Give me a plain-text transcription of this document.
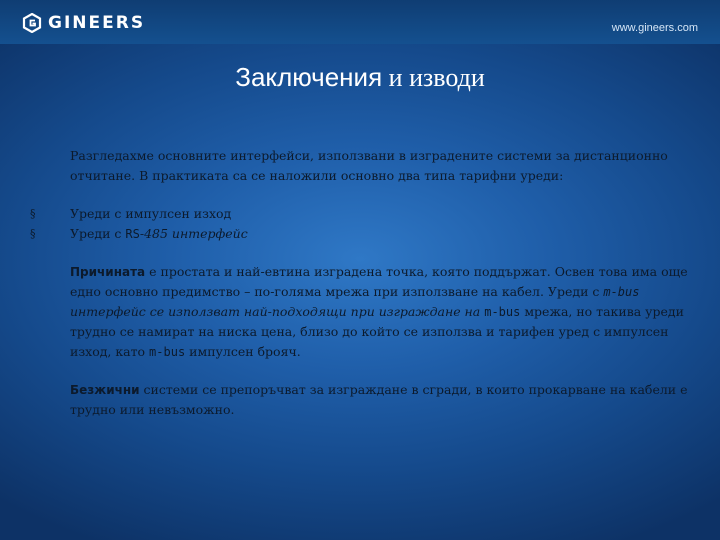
GINEERS	www.gineers.com
Заключения и изводи

Разгледахме основните интерфейси, използвани в изградените системи за дистанционно отчитане. В практиката са се наложили основно два типа тарифни уреди:

§	Уреди с импулсен изход
§	Уреди с RS-485 интерфейс

Причината е простата и най-евтина изградена точка, която поддържат. Освен това има още едно основно предимство – по-голяма мрежа при използване на кабел. Уреди с m-bus интерфейс се използват най-подходящи при изграждане на m-bus мрежа, но такива уреди трудно се намират на ниска цена, близо до който се използва и тарифен уред с импулсен изход, като m-bus импулсен брояч.

Безжични системи се препоръчват за изграждане в сгради, в които прокарване на кабели е трудно или невъзможно.
